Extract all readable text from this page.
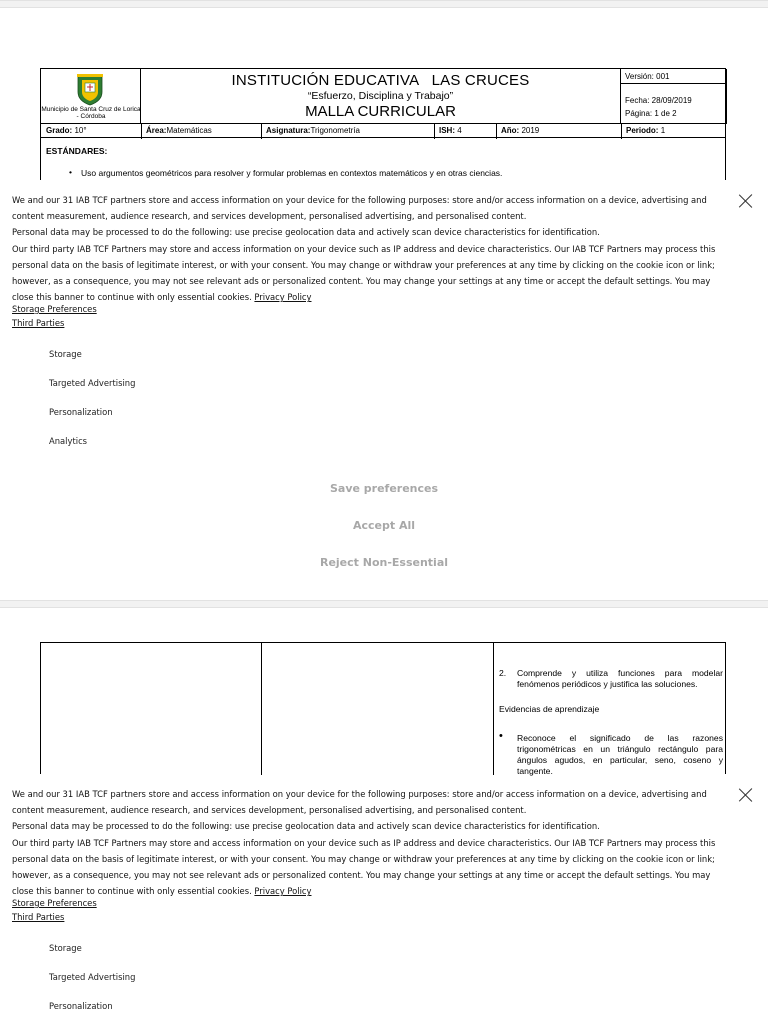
Municipio de Santa Cruz de Lorica - Córdoba
INSTITUCIÓN EDUCATIVA   LAS CRUCES
“Esfuerzo, Disciplina y Trabajo”
MALLA CURRICULAR
Versión: 001
Fecha: 28/09/2019
Página: 1 de 2
Grado: 10°	Área:Matemáticas	Asignatura:Trigonometría	ISH: 4	Año: 2019	Periodo: 1
ESTÁNDARES:
• Uso argumentos geométricos para resolver y formular problemas en contextos matemáticos y en otras ciencias.
We and our 31 IAB TCF partners store and access information on your device for the following purposes: store and/or access information on a device, advertising and content measurement, audience research, and services development, personalised advertising, and personalised content.
Personal data may be processed to do the following: use precise geolocation data and actively scan device characteristics for identification.
Our third party IAB TCF Partners may store and access information on your device such as IP address and device characteristics. Our IAB TCF Partners may process this personal data on the basis of legitimate interest, or with your consent. You may change or withdraw your preferences at any time by clicking on the cookie icon or link; however, as a consequence, you may not see relevant ads or personalized content. You may change your settings at any time or accept the default settings. You may close this banner to continue with only essential cookies. Privacy Policy
Storage Preferences
Third Parties
Storage
Targeted Advertising
Personalization
Analytics
Save preferences
Accept All
Reject Non-Essential
2. Comprende y utiliza funciones para modelar fenómenos periódicos y justifica las soluciones.
Evidencias de aprendizaje
• Reconoce el significado de las razones trigonométricas en un triángulo rectángulo para ángulos agudos, en particular, seno, coseno y tangente.
We and our 31 IAB TCF partners store and access information on your device for the following purposes: store and/or access information on a device, advertising and content measurement, audience research, and services development, personalised advertising, and personalised content.
Personal data may be processed to do the following: use precise geolocation data and actively scan device characteristics for identification.
Our third party IAB TCF Partners may store and access information on your device such as IP address and device characteristics. Our IAB TCF Partners may process this personal data on the basis of legitimate interest, or with your consent. You may change or withdraw your preferences at any time by clicking on the cookie icon or link; however, as a consequence, you may not see relevant ads or personalized content. You may change your settings at any time or accept the default settings. You may close this banner to continue with only essential cookies. Privacy Policy
Storage Preferences
Third Parties
Storage
Targeted Advertising
Personalization
